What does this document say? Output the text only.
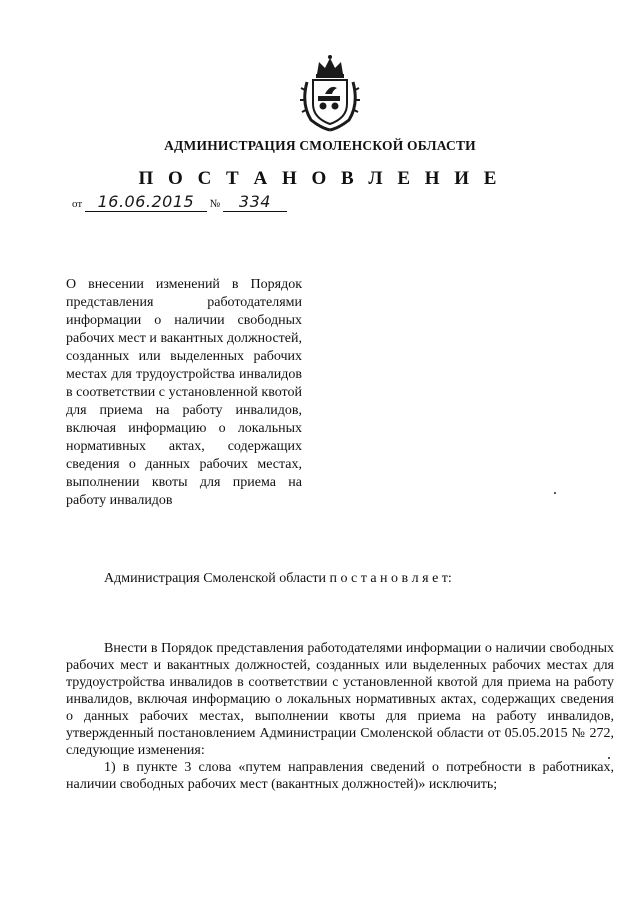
АДМИНИСТРАЦИЯ СМОЛЕНСКОЙ ОБЛАСТИ
П О С Т А Н О В Л Е Н И Е
от 16.06.2015 № 334

О внесении изменений в Порядок представления работодателями информации о наличии свободных рабочих мест и вакантных должностей, созданных или выделенных рабочих местах для трудоустройства инвалидов в соответствии с установленной квотой для приема на работу инвалидов, включая информацию о локальных нормативных актах, содержащих сведения о данных рабочих местах, выполнении квоты для приема на работу инвалидов

Администрация Смоленской области п о с т а н о в л я е т:

Внести в Порядок представления работодателями информации о наличии свободных рабочих мест и вакантных должностей, созданных или выделенных рабочих местах для трудоустройства инвалидов в соответствии с установленной квотой для приема на работу инвалидов, включая информацию о локальных нормативных актах, содержащих сведения о данных рабочих местах, выполнении квоты для приема на работу инвалидов, утвержденный постановлением Администрации Смоленской области от 05.05.2015 № 272, следующие изменения:

1) в пункте 3 слова «путем направления сведений о потребности в работниках, наличии свободных рабочих мест (вакантных должностей)» исключить;
